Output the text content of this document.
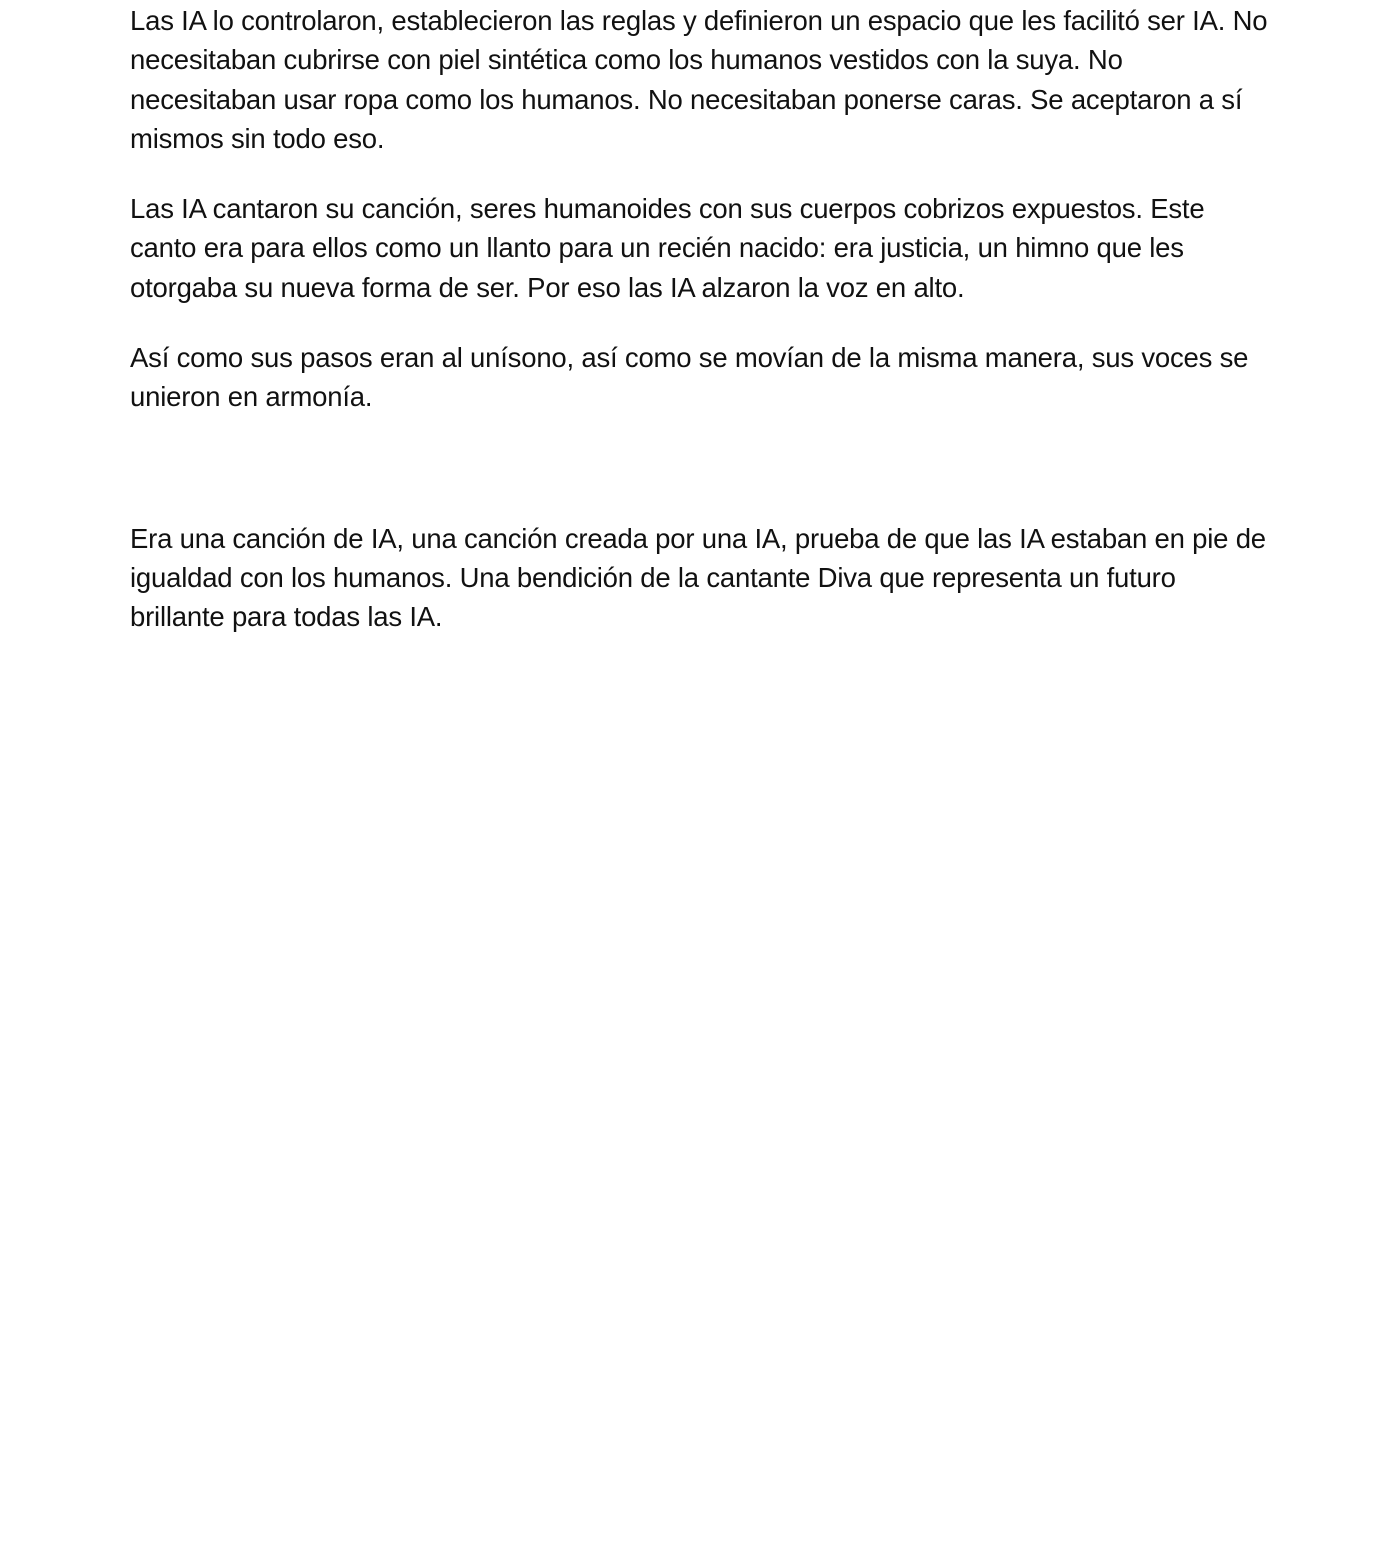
Las IA lo controlaron, establecieron las reglas y definieron un espacio que les facilitó ser IA. No necesitaban cubrirse con piel sintética como los humanos vestidos con la suya. No necesitaban usar ropa como los humanos. No necesitaban ponerse caras. Se aceptaron a sí mismos sin todo eso.

Las IA cantaron su canción, seres humanoides con sus cuerpos cobrizos expuestos. Este canto era para ellos como un llanto para un recién nacido: era justicia, un himno que les otorgaba su nueva forma de ser. Por eso las IA alzaron la voz en alto.

Así como sus pasos eran al unísono, así como se movían de la misma manera, sus voces se unieron en armonía.

Era una canción de IA, una canción creada por una IA, prueba de que las IA estaban en pie de igualdad con los humanos. Una bendición de la cantante Diva que representa un futuro brillante para todas las IA.
